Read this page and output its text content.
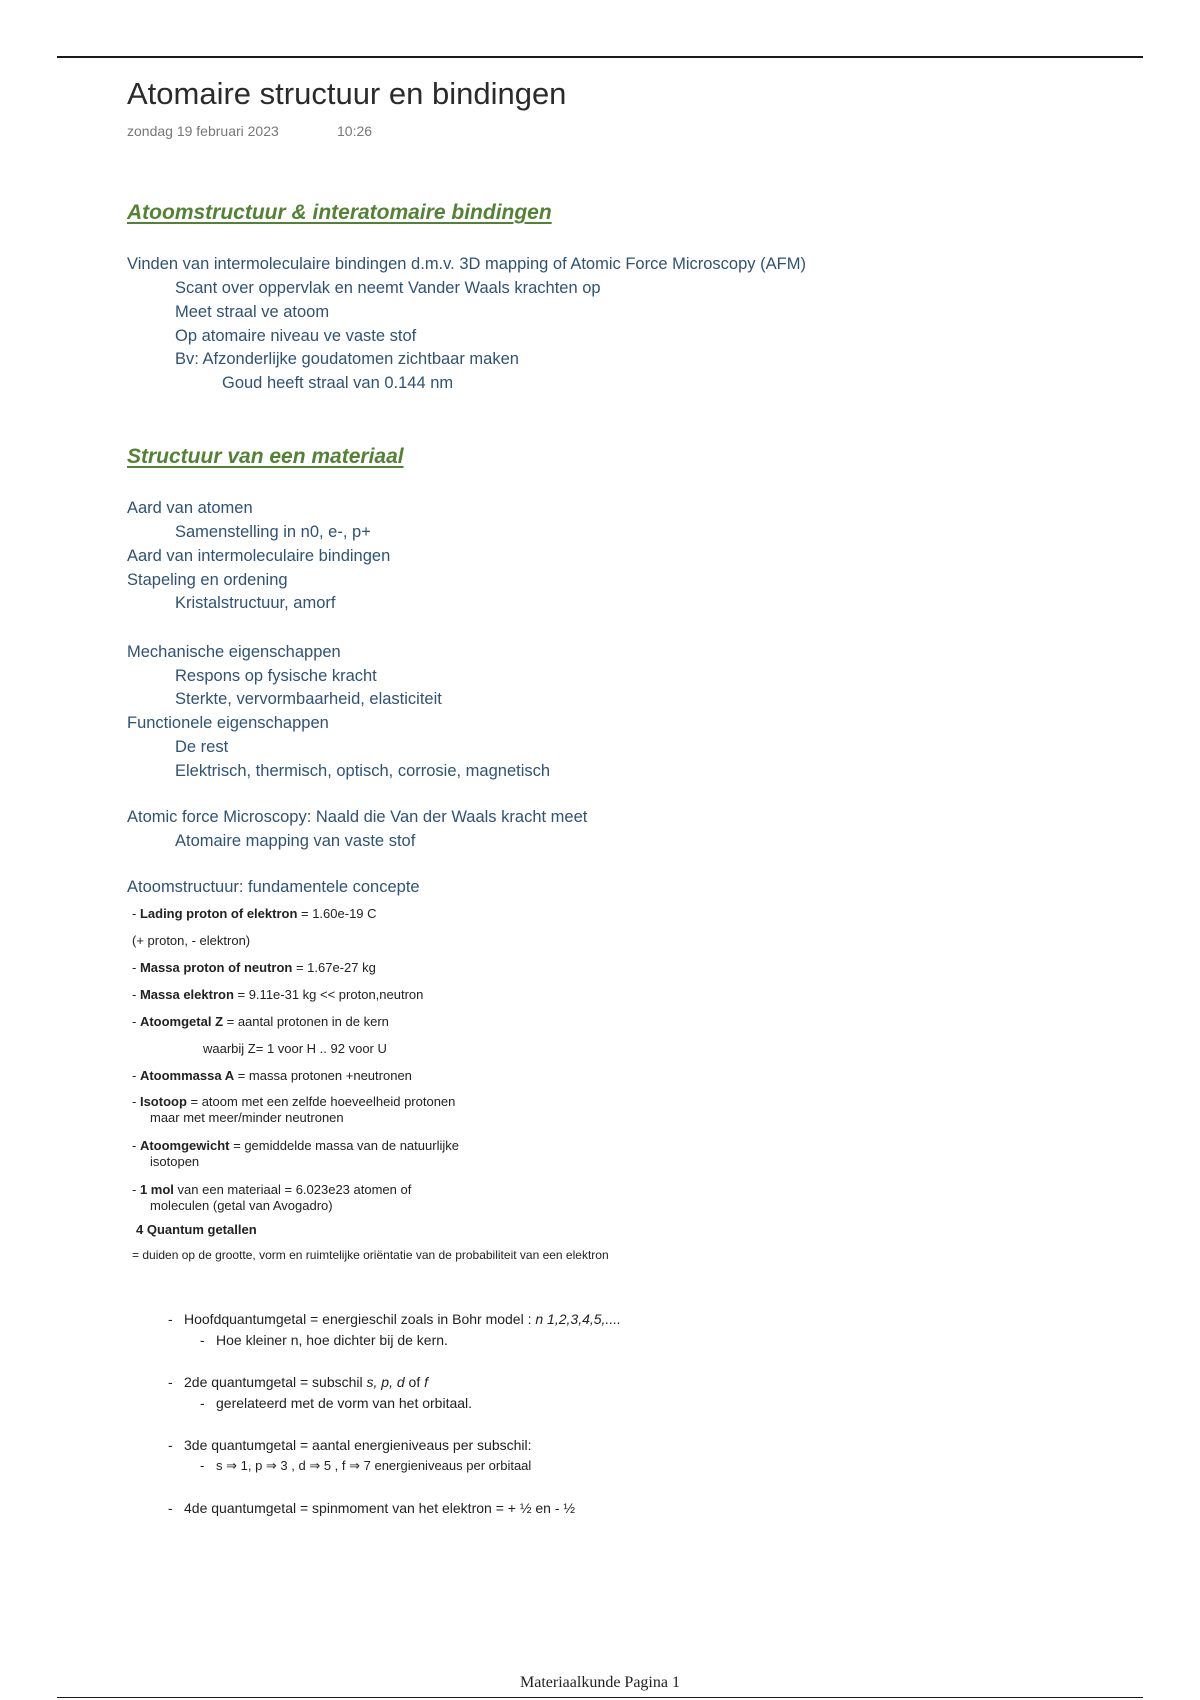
Atomaire structuur en bindingen
zondag 19 februari 2023	10:26
Atoomstructuur & interatomaire bindingen
Vinden van intermoleculaire bindingen d.m.v. 3D mapping of Atomic Force Microscopy (AFM)
Scant over oppervlak en neemt Vander Waals krachten op
Meet straal ve atoom
Op atomaire niveau ve vaste stof
Bv: Afzonderlijke goudatomen zichtbaar maken
Goud heeft straal van 0.144 nm
Structuur van een materiaal
Aard van atomen
Samenstelling in n0, e-, p+
Aard van intermoleculaire bindingen
Stapeling en ordening
Kristalstructuur, amorf
Mechanische eigenschappen
Respons op fysische kracht
Sterkte, vervormbaarheid, elasticiteit
Functionele eigenschappen
De rest
Elektrisch, thermisch, optisch, corrosie, magnetisch
Atomic force Microscopy: Naald die Van der Waals kracht meet
Atomaire mapping van vaste stof
Atoomstructuur: fundamentele concepte
- Lading proton of elektron = 1.60e-19 C
(+ proton, - elektron)
- Massa proton of neutron = 1.67e-27 kg
- Massa elektron = 9.11e-31 kg << proton,neutron
- Atoomgetal Z = aantal protonen in de kern
waarbij Z= 1 voor H .. 92 voor U
- Atoommassa A = massa protonen +neutronen
- Isotoop = atoom met een zelfde hoeveelheid protonen
maar met meer/minder neutronen
- Atoomgewicht = gemiddelde massa van de natuurlijke
isotopen
- 1 mol van een materiaal = 6.023e23 atomen of
moleculen (getal van Avogadro)
4 Quantum getallen
= duiden op de grootte, vorm en ruimtelijke oriëntatie van de probabiliteit van een elektron
- Hoofdquantumgetal = energieschil zoals in Bohr model : n 1,2,3,4,5,....
- Hoe kleiner n, hoe dichter bij de kern.
- 2de quantumgetal = subschil s, p, d of f
- gerelateerd met de vorm van het orbitaal.
- 3de quantumgetal = aantal energieniveaus per subschil:
- s ⇒ 1, p ⇒ 3 , d ⇒ 5 , f ⇒ 7 energieniveaus per orbitaal
- 4de quantumgetal = spinmoment van het elektron = + ½ en - ½
Materiaalkunde Pagina 1
